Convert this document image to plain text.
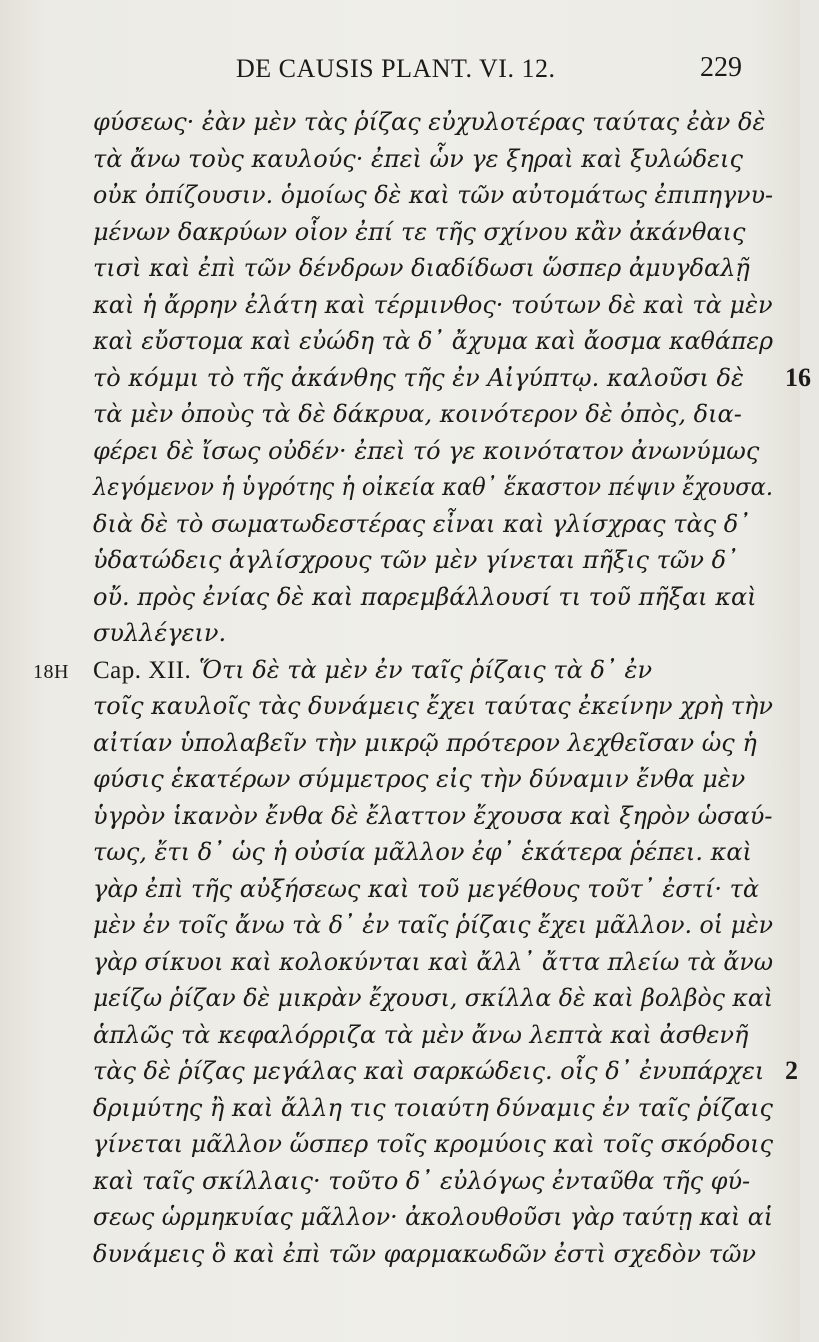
DE CAUSIS PLANT. VI. 12.	229
φύσεως· ἐὰν μὲν τὰς ῥίζας εὐχυλοτέρας ταύτας ἐὰν δὲ
τὰ ἄνω τοὺς καυλούς· ἐπεὶ ὧν γε ξηραὶ καὶ ξυλώδεις
οὐκ ὀπίζουσιν. ὁμοίως δὲ καὶ τῶν αὐτομάτως ἐπιπηγνυ-
μένων δακρύων οἷον ἐπί τε τῆς σχίνου κἂν ἀκάνθαις
τισὶ καὶ ἐπὶ τῶν δένδρων διαδίδωσι ὥσπερ ἀμυγδαλῇ
καὶ ἡ ἄρρην ἐλάτη καὶ τέρμινθος· τούτων δὲ καὶ τὰ μὲν
καὶ εὔστομα καὶ εὐώδη τὰ δ᾽ ἄχυμα καὶ ἄοσμα καθάπερ
τὸ κόμμι τὸ τῆς ἀκάνθης τῆς ἐν Αἰγύπτῳ. καλοῦσι δὲ 16
τὰ μὲν ὀποὺς τὰ δὲ δάκρυα, κοινότερον δὲ ὀπὸς, δια-
φέρει δὲ ἴσως οὐδέν· ἐπεὶ τό γε κοινότατον ἀνωνύμως
λεγόμενον ἡ ὑγρότης ἡ οἰκεία καθ᾽ ἕκαστον πέψιν ἔχουσα.
διὰ δὲ τὸ σωματωδεστέρας εἶναι καὶ γλίσχρας τὰς δ᾽
ὑδατώδεις ἀγλίσχρους τῶν μὲν γίνεται πῆξις τῶν δ᾽
οὔ. πρὸς ἐνίας δὲ καὶ παρεμβάλλουσί τι τοῦ πῆξαι καὶ
συλλέγειν.
18H Cap. XII. Ὅτι δὲ τὰ μὲν ἐν ταῖς ῥίζαις τὰ δ᾽ ἐν
τοῖς καυλοῖς τὰς δυνάμεις ἔχει ταύτας ἐκείνην χρὴ τὴν
αἰτίαν ὑπολαβεῖν τὴν μικρῷ πρότερον λεχθεῖσαν ὡς ἡ
φύσις ἑκατέρων σύμμετρος εἰς τὴν δύναμιν ἔνθα μὲν
ὑγρὸν ἱκανὸν ἔνθα δὲ ἔλαττον ἔχουσα καὶ ξηρὸν ὡσαύ-
τως, ἔτι δ᾽ ὡς ἡ οὐσία μᾶλλον ἐφ᾽ ἑκάτερα ῥέπει. καὶ
γὰρ ἐπὶ τῆς αὐξήσεως καὶ τοῦ μεγέθους τοῦτ᾽ ἐστί· τὰ
μὲν ἐν τοῖς ἄνω τὰ δ᾽ ἐν ταῖς ῥίζαις ἔχει μᾶλλον. οἱ μὲν
γὰρ σίκυοι καὶ κολοκύνται καὶ ἄλλ᾽ ἄττα πλείω τὰ ἄνω
μείζω ῥίζαν δὲ μικρὰν ἔχουσι, σκίλλα δὲ καὶ βολβὸς καὶ
ἁπλῶς τὰ κεφαλόρριζα τὰ μὲν ἄνω λεπτὰ καὶ ἀσθενῆ
τὰς δὲ ῥίζας μεγάλας καὶ σαρκώδεις. οἷς δ᾽ ἐνυπάρχει 2
δριμύτης ἢ καὶ ἄλλη τις τοιαύτη δύναμις ἐν ταῖς ῥίζαις
γίνεται μᾶλλον ὥσπερ τοῖς κρομύοις καὶ τοῖς σκόρδοις
καὶ ταῖς σκίλλαις· τοῦτο δ᾽ εὐλόγως ἐνταῦθα τῆς φύ-
σεως ὡρμηκυίας μᾶλλον· ἀκολουθοῦσι γὰρ ταύτῃ καὶ αἱ
δυνάμεις ὃ καὶ ἐπὶ τῶν φαρμακωδῶν ἐστὶ σχεδὸν τῶν
